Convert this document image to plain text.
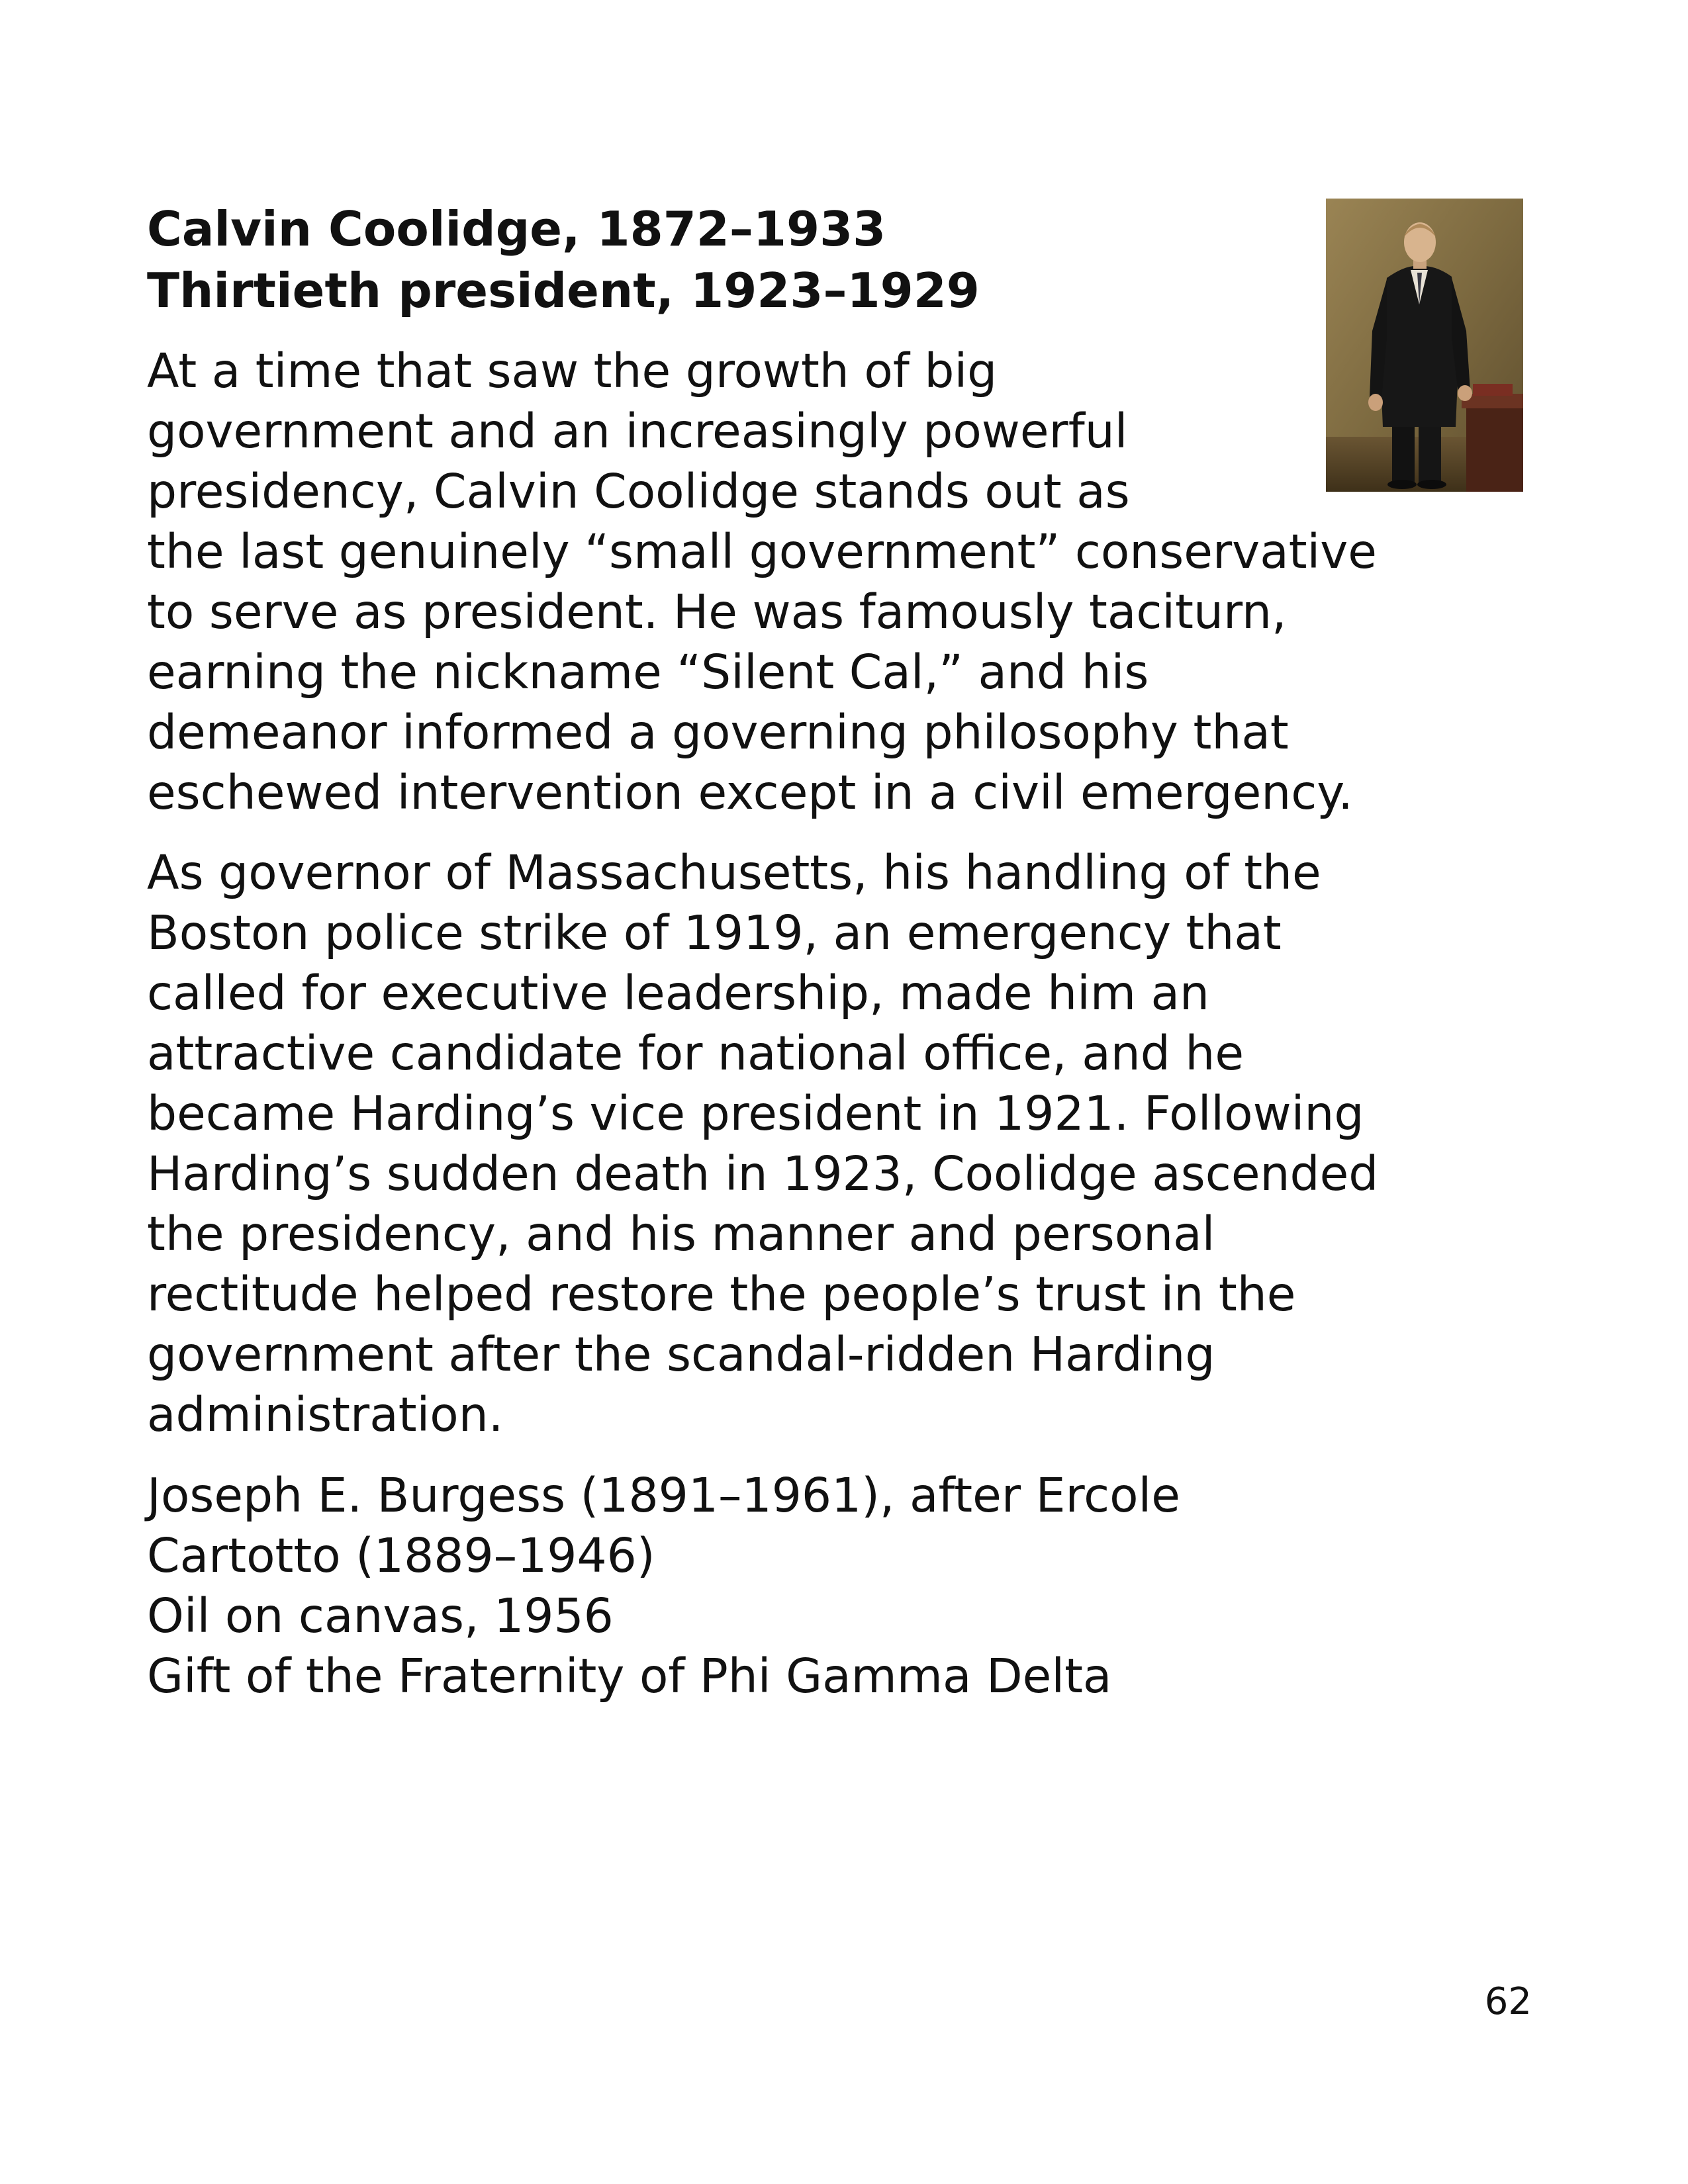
Calvin Coolidge, 1872–1933
Thirtieth president, 1923–1929
At a time that saw the growth of big
government and an increasingly powerful
presidency, Calvin Coolidge stands out as
the last genuinely “small government” conservative
to serve as president. He was famously taciturn,
earning the nickname “Silent Cal,” and his
demeanor informed a governing philosophy that
eschewed intervention except in a civil emergency.
As governor of Massachusetts, his handling of the
Boston police strike of 1919, an emergency that
called for executive leadership, made him an
attractive candidate for national office, and he
became Harding’s vice president in 1921. Following
Harding’s sudden death in 1923, Coolidge ascended
the presidency, and his manner and personal
rectitude helped restore the people’s trust in the
government after the scandal-ridden Harding
administration.
Joseph E. Burgess (1891–1961), after Ercole
Cartotto (1889–1946)
Oil on canvas, 1956
Gift of the Fraternity of Phi Gamma Delta
62
